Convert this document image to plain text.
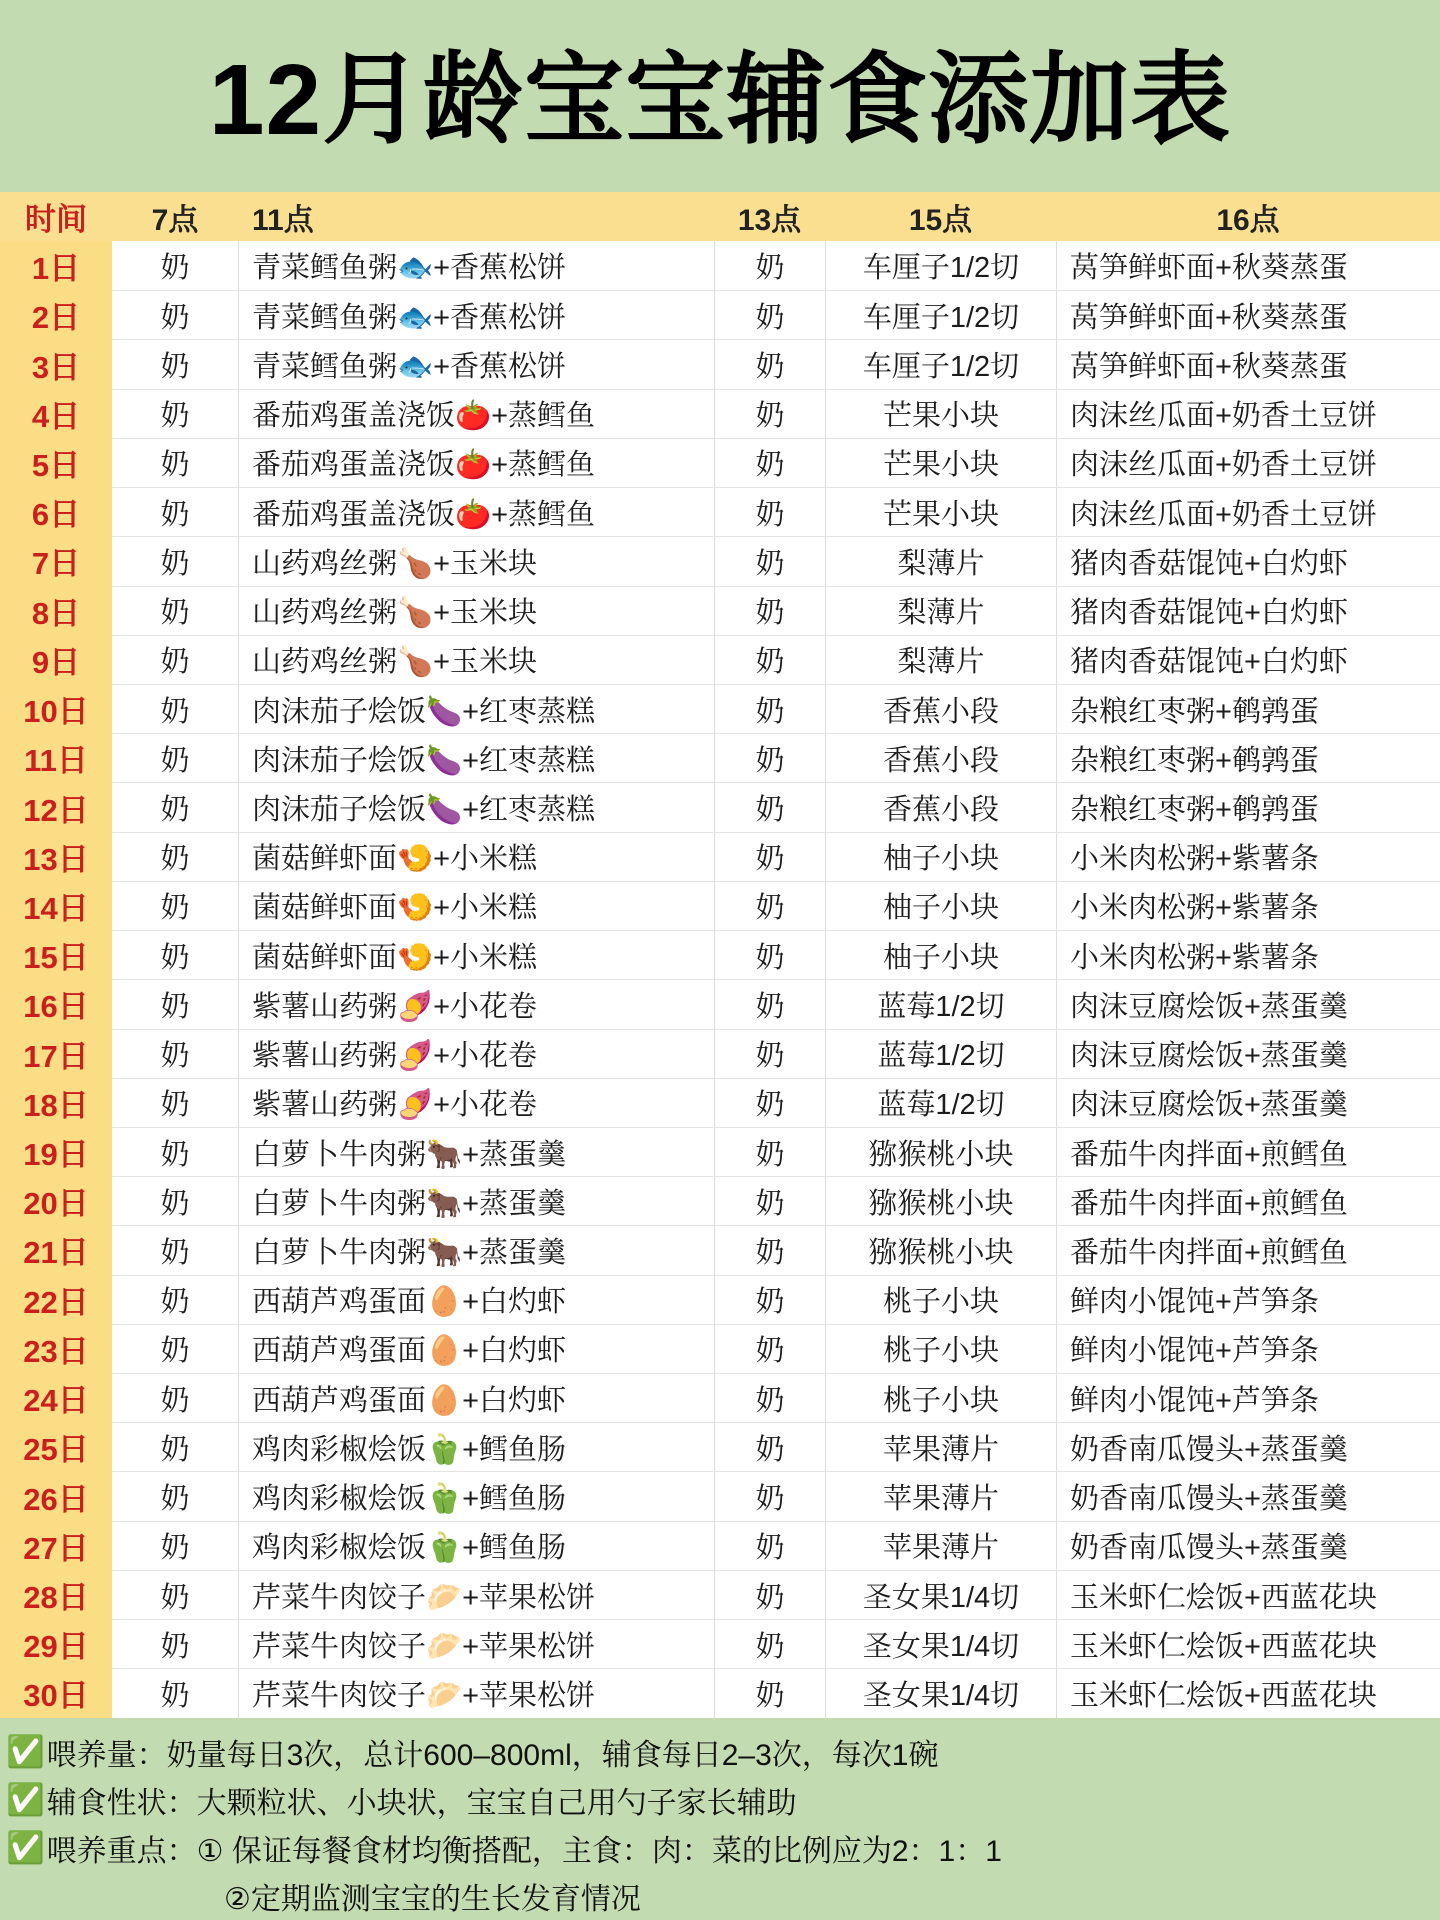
12月龄宝宝辅食添加表
时间	7点	11点	13点	15点	16点
1日	奶	青菜鳕鱼粥🐟+香蕉松饼	奶	车厘子1/2切	莴笋鲜虾面+秋葵蒸蛋
2日	奶	青菜鳕鱼粥🐟+香蕉松饼	奶	车厘子1/2切	莴笋鲜虾面+秋葵蒸蛋
3日	奶	青菜鳕鱼粥🐟+香蕉松饼	奶	车厘子1/2切	莴笋鲜虾面+秋葵蒸蛋
4日	奶	番茄鸡蛋盖浇饭🍅+蒸鳕鱼	奶	芒果小块	肉沫丝瓜面+奶香土豆饼
5日	奶	番茄鸡蛋盖浇饭🍅+蒸鳕鱼	奶	芒果小块	肉沫丝瓜面+奶香土豆饼
6日	奶	番茄鸡蛋盖浇饭🍅+蒸鳕鱼	奶	芒果小块	肉沫丝瓜面+奶香土豆饼
7日	奶	山药鸡丝粥🍗+玉米块	奶	梨薄片	猪肉香菇馄饨+白灼虾
8日	奶	山药鸡丝粥🍗+玉米块	奶	梨薄片	猪肉香菇馄饨+白灼虾
9日	奶	山药鸡丝粥🍗+玉米块	奶	梨薄片	猪肉香菇馄饨+白灼虾
10日	奶	肉沫茄子烩饭🍆+红枣蒸糕	奶	香蕉小段	杂粮红枣粥+鹌鹑蛋
11日	奶	肉沫茄子烩饭🍆+红枣蒸糕	奶	香蕉小段	杂粮红枣粥+鹌鹑蛋
12日	奶	肉沫茄子烩饭🍆+红枣蒸糕	奶	香蕉小段	杂粮红枣粥+鹌鹑蛋
13日	奶	菌菇鲜虾面🍤+小米糕	奶	柚子小块	小米肉松粥+紫薯条
14日	奶	菌菇鲜虾面🍤+小米糕	奶	柚子小块	小米肉松粥+紫薯条
15日	奶	菌菇鲜虾面🍤+小米糕	奶	柚子小块	小米肉松粥+紫薯条
16日	奶	紫薯山药粥🍠+小花卷	奶	蓝莓1/2切	肉沫豆腐烩饭+蒸蛋羹
17日	奶	紫薯山药粥🍠+小花卷	奶	蓝莓1/2切	肉沫豆腐烩饭+蒸蛋羹
18日	奶	紫薯山药粥🍠+小花卷	奶	蓝莓1/2切	肉沫豆腐烩饭+蒸蛋羹
19日	奶	白萝卜牛肉粥🐂+蒸蛋羹	奶	猕猴桃小块	番茄牛肉拌面+煎鳕鱼
20日	奶	白萝卜牛肉粥🐂+蒸蛋羹	奶	猕猴桃小块	番茄牛肉拌面+煎鳕鱼
21日	奶	白萝卜牛肉粥🐂+蒸蛋羹	奶	猕猴桃小块	番茄牛肉拌面+煎鳕鱼
22日	奶	西葫芦鸡蛋面🥚+白灼虾	奶	桃子小块	鲜肉小馄饨+芦笋条
23日	奶	西葫芦鸡蛋面🥚+白灼虾	奶	桃子小块	鲜肉小馄饨+芦笋条
24日	奶	西葫芦鸡蛋面🥚+白灼虾	奶	桃子小块	鲜肉小馄饨+芦笋条
25日	奶	鸡肉彩椒烩饭🫑+鳕鱼肠	奶	苹果薄片	奶香南瓜馒头+蒸蛋羹
26日	奶	鸡肉彩椒烩饭🫑+鳕鱼肠	奶	苹果薄片	奶香南瓜馒头+蒸蛋羹
27日	奶	鸡肉彩椒烩饭🫑+鳕鱼肠	奶	苹果薄片	奶香南瓜馒头+蒸蛋羹
28日	奶	芹菜牛肉饺子🥟+苹果松饼	奶	圣女果1/4切	玉米虾仁烩饭+西蓝花块
29日	奶	芹菜牛肉饺子🥟+苹果松饼	奶	圣女果1/4切	玉米虾仁烩饭+西蓝花块
30日	奶	芹菜牛肉饺子🥟+苹果松饼	奶	圣女果1/4切	玉米虾仁烩饭+西蓝花块
✅ 喂养量：奶量每日3次，总计600–800ml，辅食每日2–3次，每次1碗
✅ 辅食性状：大颗粒状、小块状，宝宝自己用勺子家长辅助
✅ 喂养重点：① 保证每餐食材均衡搭配，主食：肉：菜的比例应为2：1：1
②定期监测宝宝的生长发育情况
